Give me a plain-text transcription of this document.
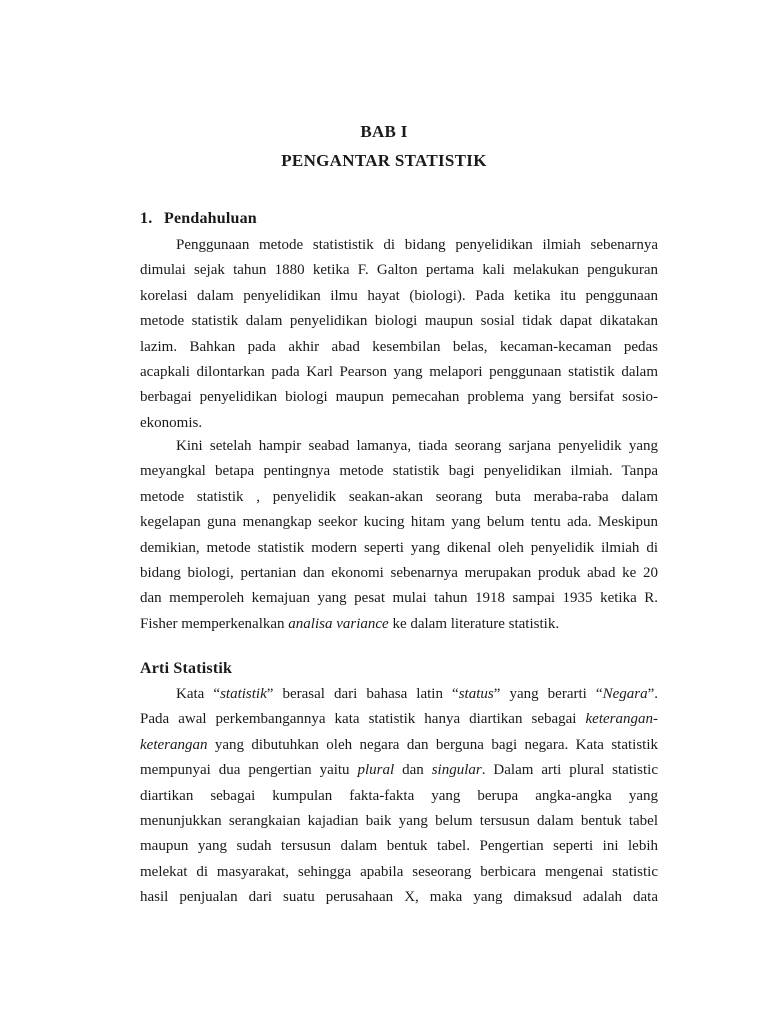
BAB I
PENGANTAR STATISTIK
1. Pendahuluan
Penggunaan metode statististik di bidang penyelidikan ilmiah sebenarnya
dimulai sejak tahun 1880 ketika F. Galton pertama kali melakukan pengukuran
korelasi dalam penyelidikan ilmu hayat (biologi). Pada ketika itu penggunaan
metode statistik dalam penyelidikan biologi maupun sosial tidak dapat dikatakan
lazim. Bahkan pada akhir abad kesembilan belas, kecaman-kecaman pedas
acapkali dilontarkan pada Karl Pearson yang melapori penggunaan statistik dalam
berbagai penyelidikan biologi maupun pemecahan problema yang bersifat sosio-
ekonomis.
Kini setelah hampir seabad lamanya, tiada seorang sarjana penyelidik yang
meyangkal betapa pentingnya metode statistik bagi penyelidikan ilmiah. Tanpa
metode statistik , penyelidik seakan-akan seorang buta meraba-raba dalam
kegelapan guna menangkap seekor kucing hitam yang belum tentu ada. Meskipun
demikian, metode statistik modern seperti yang dikenal oleh penyelidik ilmiah di
bidang biologi, pertanian dan ekonomi sebenarnya merupakan produk abad ke 20
dan memperoleh kemajuan yang pesat mulai tahun 1918 sampai 1935 ketika R.
Fisher memperkenalkan analisa variance ke dalam literature statistik.
Arti Statistik
Kata “statistik” berasal dari bahasa latin “status” yang berarti “Negara”.
Pada awal perkembangannya kata statistik hanya diartikan sebagai keterangan-
keterangan yang dibutuhkan oleh negara dan berguna bagi negara. Kata statistik
mempunyai dua pengertian yaitu plural dan singular. Dalam arti plural statistic
diartikan sebagai kumpulan fakta-fakta yang berupa angka-angka yang
menunjukkan serangkaian kajadian baik yang belum tersusun dalam bentuk tabel
maupun yang sudah tersusun dalam bentuk tabel. Pengertian seperti ini lebih
melekat di masyarakat, sehingga apabila seseorang berbicara mengenai statistic
hasil penjualan dari suatu perusahaan X, maka yang dimaksud adalah data
